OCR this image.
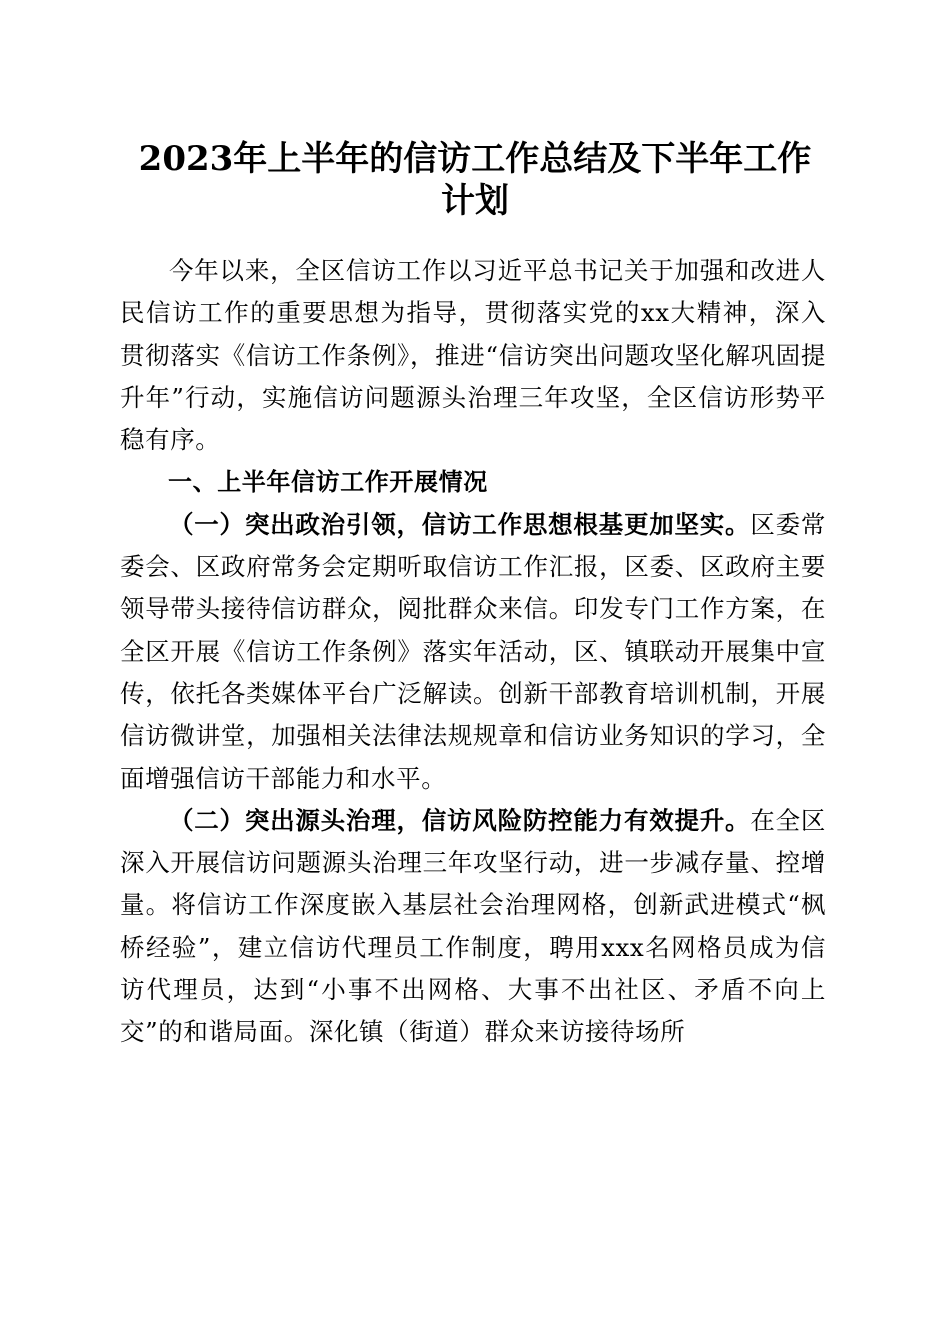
2023年上半年的信访工作总结及下半年工作
计划

今年以来，全区信访工作以习近平总书记关于加强和改进人民信访工作的重要思想为指导，贯彻落实党的xx大精神，深入贯彻落实《信访工作条例》，推进“信访突出问题攻坚化解巩固提升年”行动，实施信访问题源头治理三年攻坚，全区信访形势平稳有序。

一、上半年信访工作开展情况

（一）突出政治引领，信访工作思想根基更加坚实。区委常委会、区政府常务会定期听取信访工作汇报，区委、区政府主要领导带头接待信访群众，阅批群众来信。印发专门工作方案，在全区开展《信访工作条例》落实年活动，区、镇联动开展集中宣传，依托各类媒体平台广泛解读。创新干部教育培训机制，开展信访微讲堂，加强相关法律法规规章和信访业务知识的学习，全面增强信访干部能力和水平。

（二）突出源头治理，信访风险防控能力有效提升。在全区深入开展信访问题源头治理三年攻坚行动，进一步减存量、控增量。将信访工作深度嵌入基层社会治理网格，创新武进模式“枫桥经验”，建立信访代理员工作制度，聘用xxx名网格员成为信访代理员，达到“小事不出网格、大事不出社区、矛盾不向上交”的和谐局面。深化镇（街道）群众来访接待场所
